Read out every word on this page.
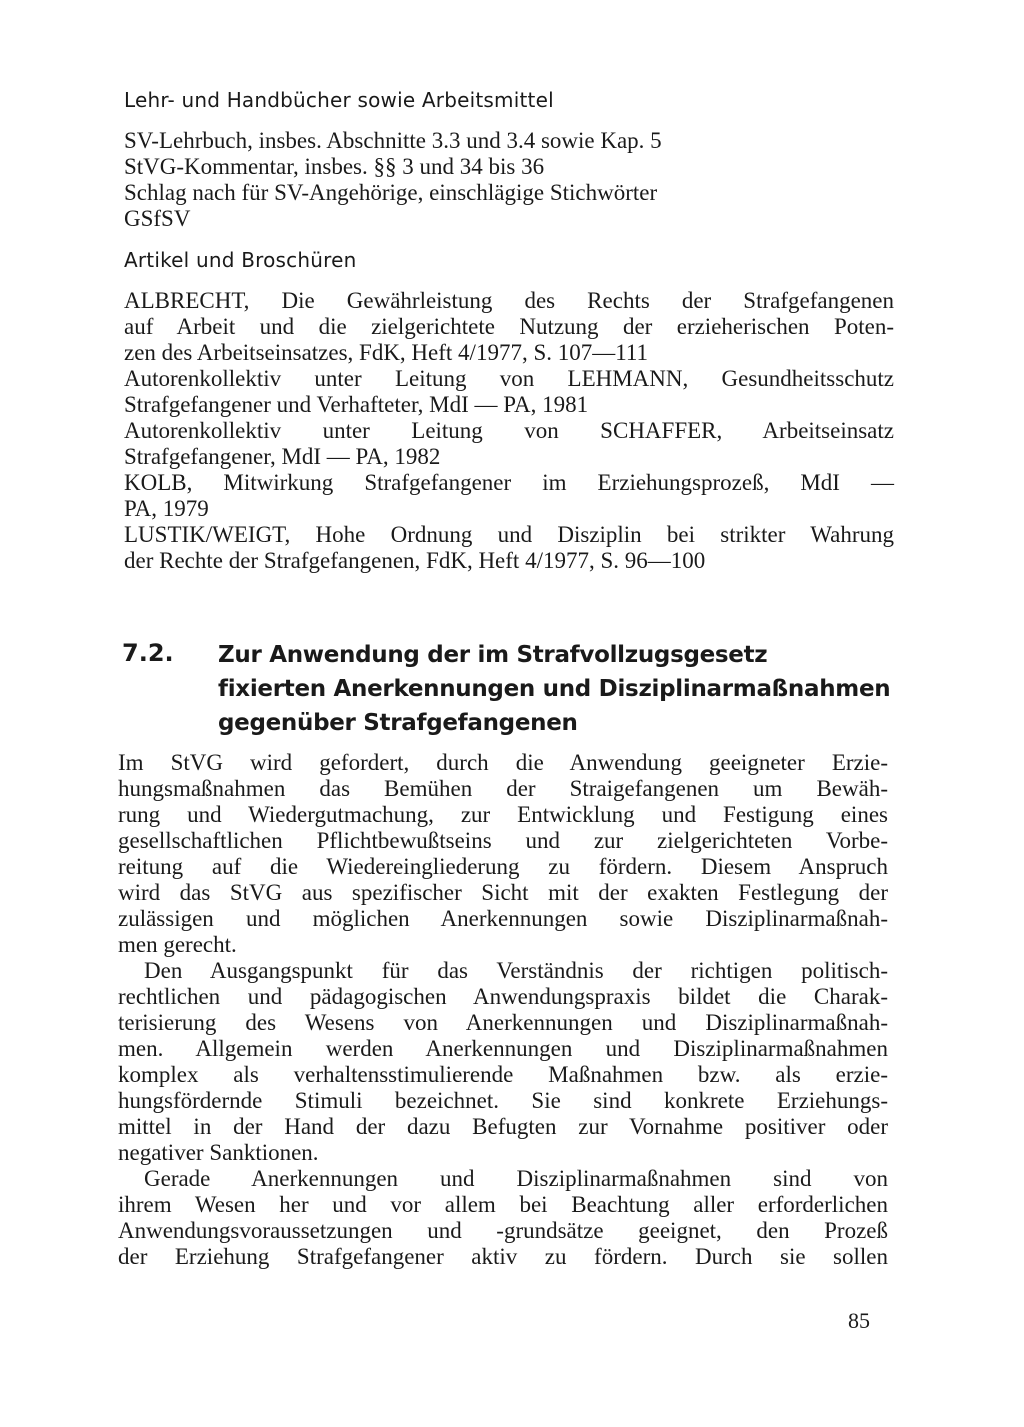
Lehr- und Handbücher sowie Arbeitsmittel
SV-Lehrbuch, insbes. Abschnitte 3.3 und 3.4 sowie Kap. 5
StVG-Kommentar, insbes. §§ 3 und 34 bis 36
Schlag nach für SV-Angehörige, einschlägige Stichwörter
GSfSV
Artikel und Broschüren
ALBRECHT, Die Gewährleistung des Rechts der Strafgefangenen
auf Arbeit und die zielgerichtete Nutzung der erzieherischen Poten-
zen des Arbeitseinsatzes, FdK, Heft 4/1977, S. 107—111
Autorenkollektiv unter Leitung von LEHMANN, Gesundheitsschutz
Strafgefangener und Verhafteter, MdI — PA, 1981
Autorenkollektiv unter Leitung von SCHAFFER, Arbeitseinsatz
Strafgefangener, MdI — PA, 1982
KOLB, Mitwirkung Strafgefangener im Erziehungsprozeß, MdI —
PA, 1979
LUSTIK/WEIGT, Hohe Ordnung und Disziplin bei strikter Wahrung
der Rechte der Strafgefangenen, FdK, Heft 4/1977, S. 96—100
7.2. Zur Anwendung der im Strafvollzugsgesetz
fixierten Anerkennungen und Disziplinarmaßnahmen
gegenüber Strafgefangenen
Im StVG wird gefordert, durch die Anwendung geeigneter Erzie-
hungsmaßnahmen das Bemühen der Straigefangenen um Bewäh-
rung und Wiedergutmachung, zur Entwicklung und Festigung eines
gesellschaftlichen Pflichtbewußtseins und zur zielgerichteten Vorbe-
reitung auf die Wiedereingliederung zu fördern. Diesem Anspruch
wird das StVG aus spezifischer Sicht mit der exakten Festlegung der
zulässigen und möglichen Anerkennungen sowie Disziplinarmaßnah-
men gerecht.
Den Ausgangspunkt für das Verständnis der richtigen politisch-
rechtlichen und pädagogischen Anwendungspraxis bildet die Charak-
terisierung des Wesens von Anerkennungen und Disziplinarmaßnah-
men. Allgemein werden Anerkennungen und Disziplinarmaßnahmen
komplex als verhaltensstimulierende Maßnahmen bzw. als erzie-
hungsfördernde Stimuli bezeichnet. Sie sind konkrete Erziehungs-
mittel in der Hand der dazu Befugten zur Vornahme positiver oder
negativer Sanktionen.
Gerade Anerkennungen und Disziplinarmaßnahmen sind von
ihrem Wesen her und vor allem bei Beachtung aller erforderlichen
Anwendungsvoraussetzungen und -grundsätze geeignet, den Prozeß
der Erziehung Strafgefangener aktiv zu fördern. Durch sie sollen
85
